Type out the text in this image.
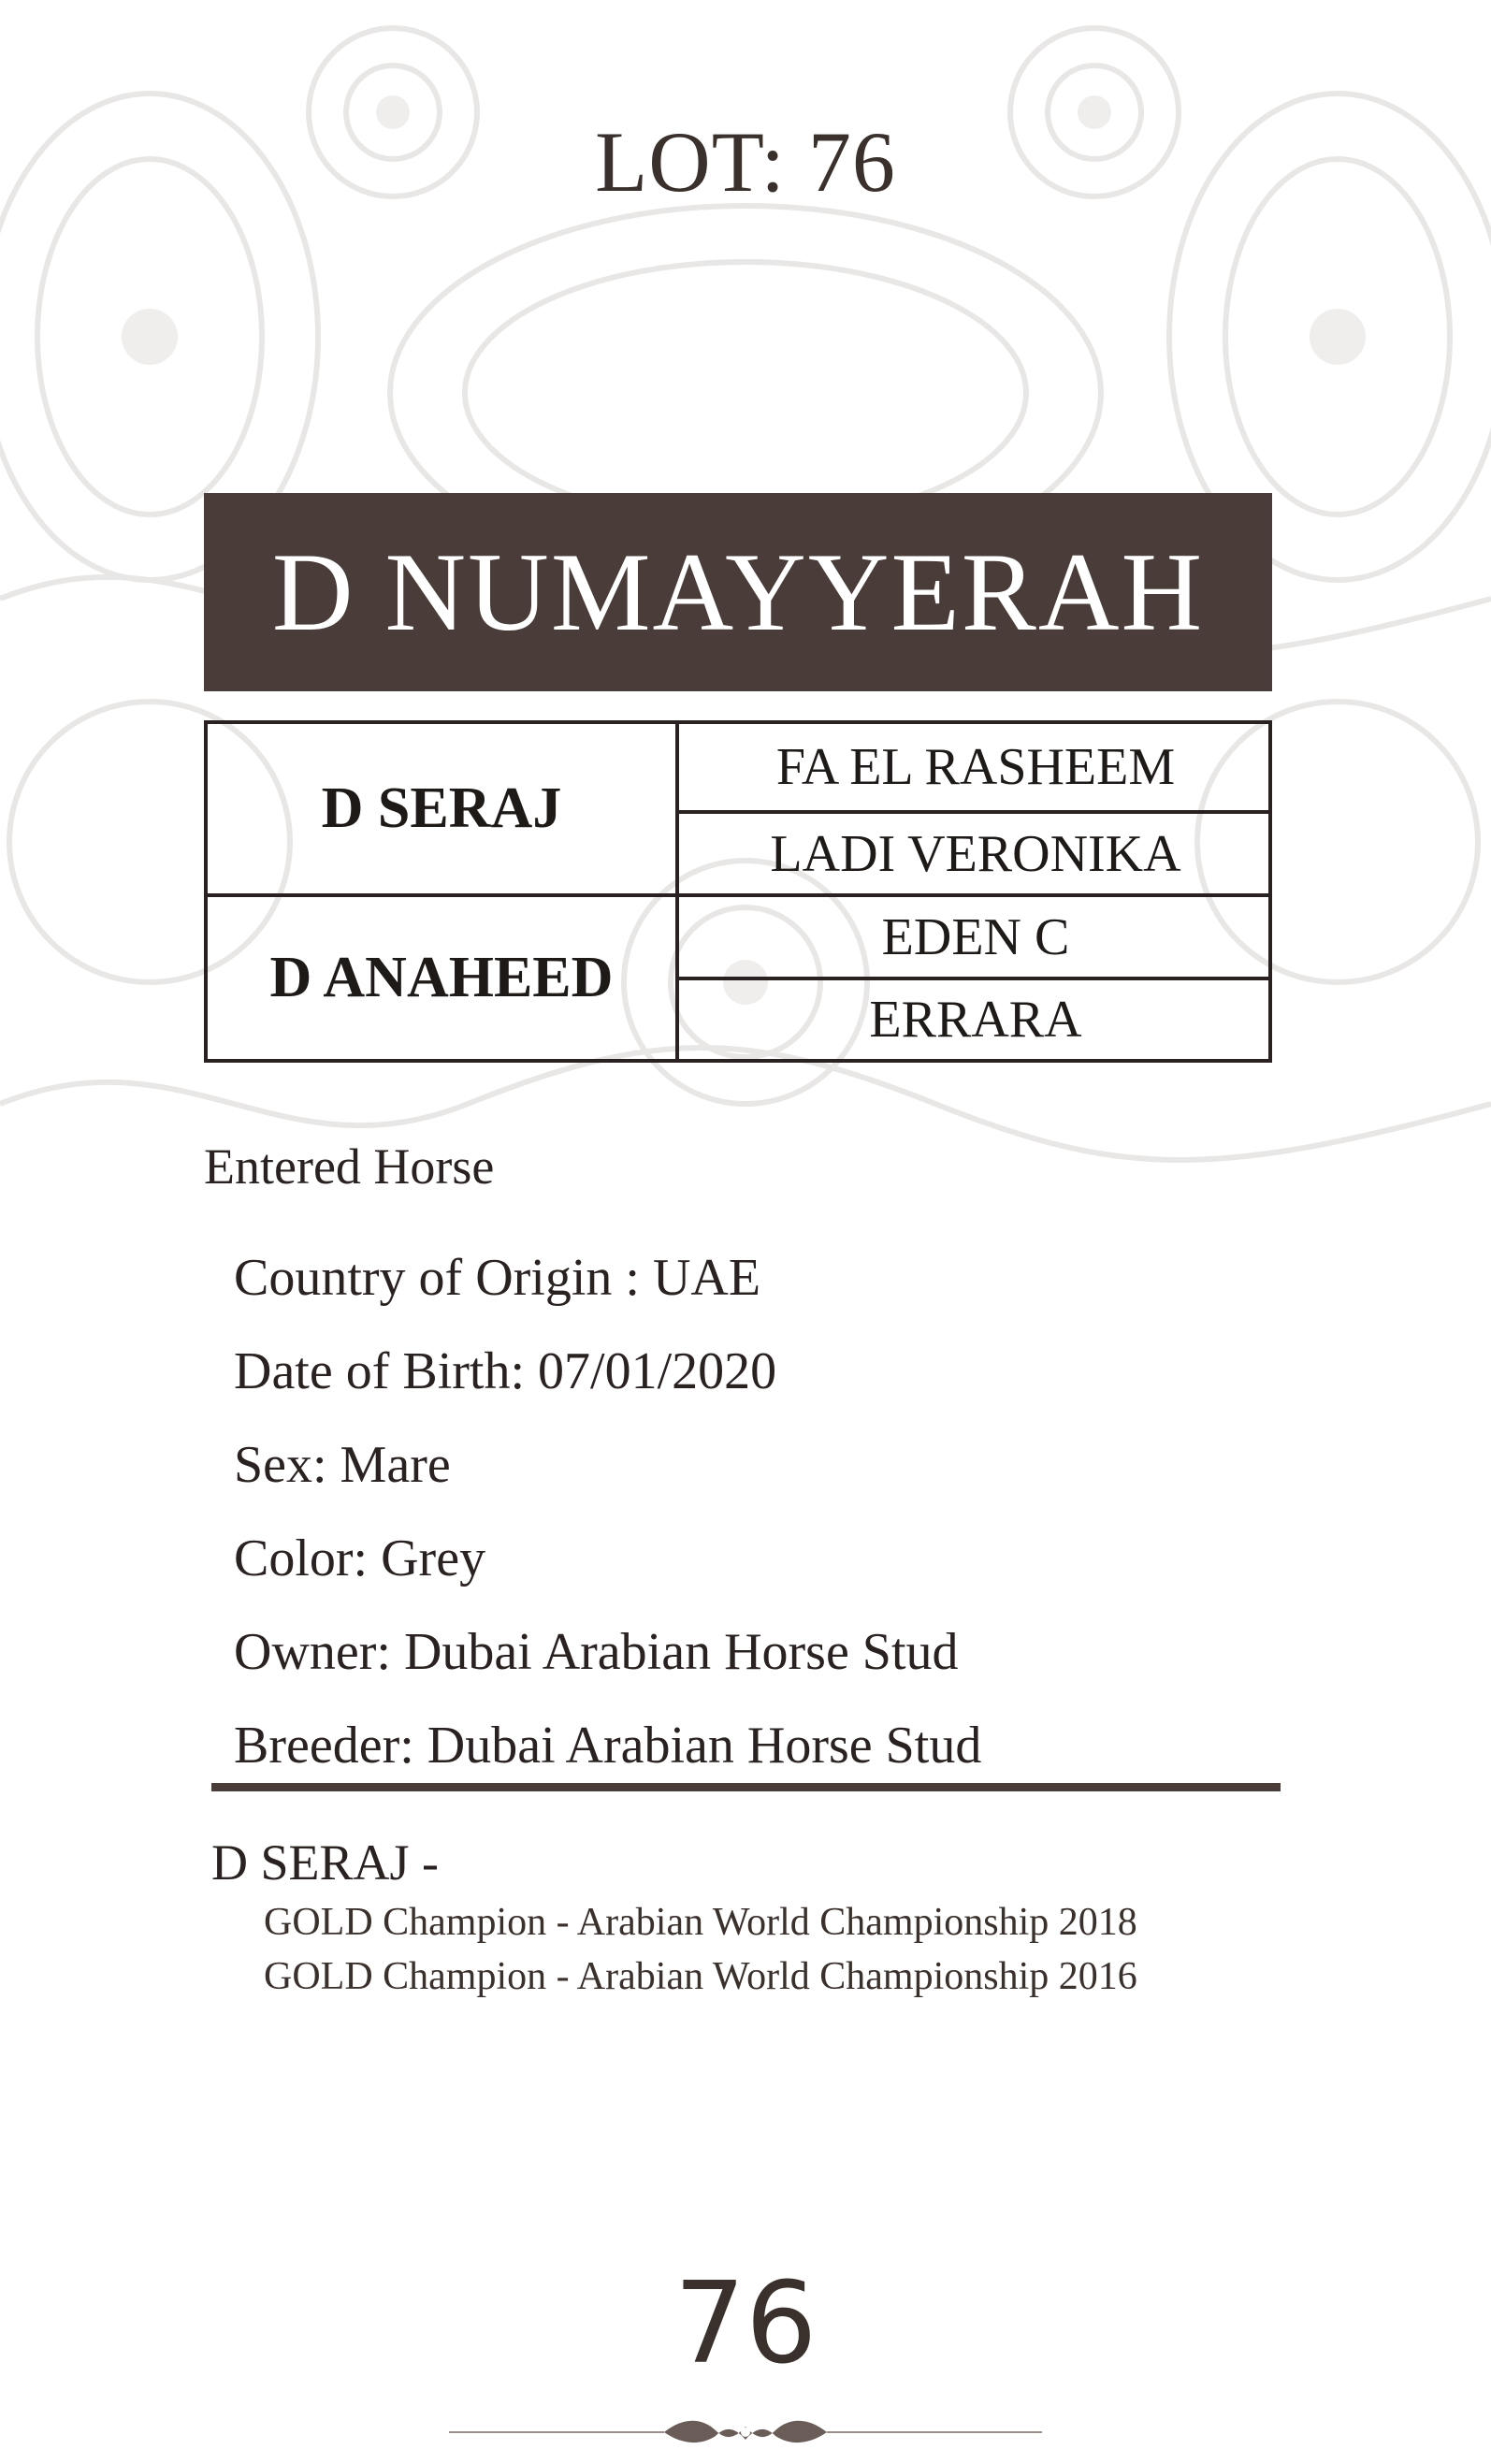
LOT: 76
D NUMAYYERAH
D SERAJ
D ANAHEED
FA EL RASHEEM
LADI VERONIKA
EDEN C
ERRARA
Entered Horse
Country of Origin : UAE
Date of Birth: 07/01/2020
Sex: Mare
Color: Grey
Owner: Dubai Arabian Horse Stud
Breeder: Dubai Arabian Horse Stud
D SERAJ -
GOLD Champion - Arabian World Championship 2018
GOLD Champion - Arabian World Championship 2016
76
